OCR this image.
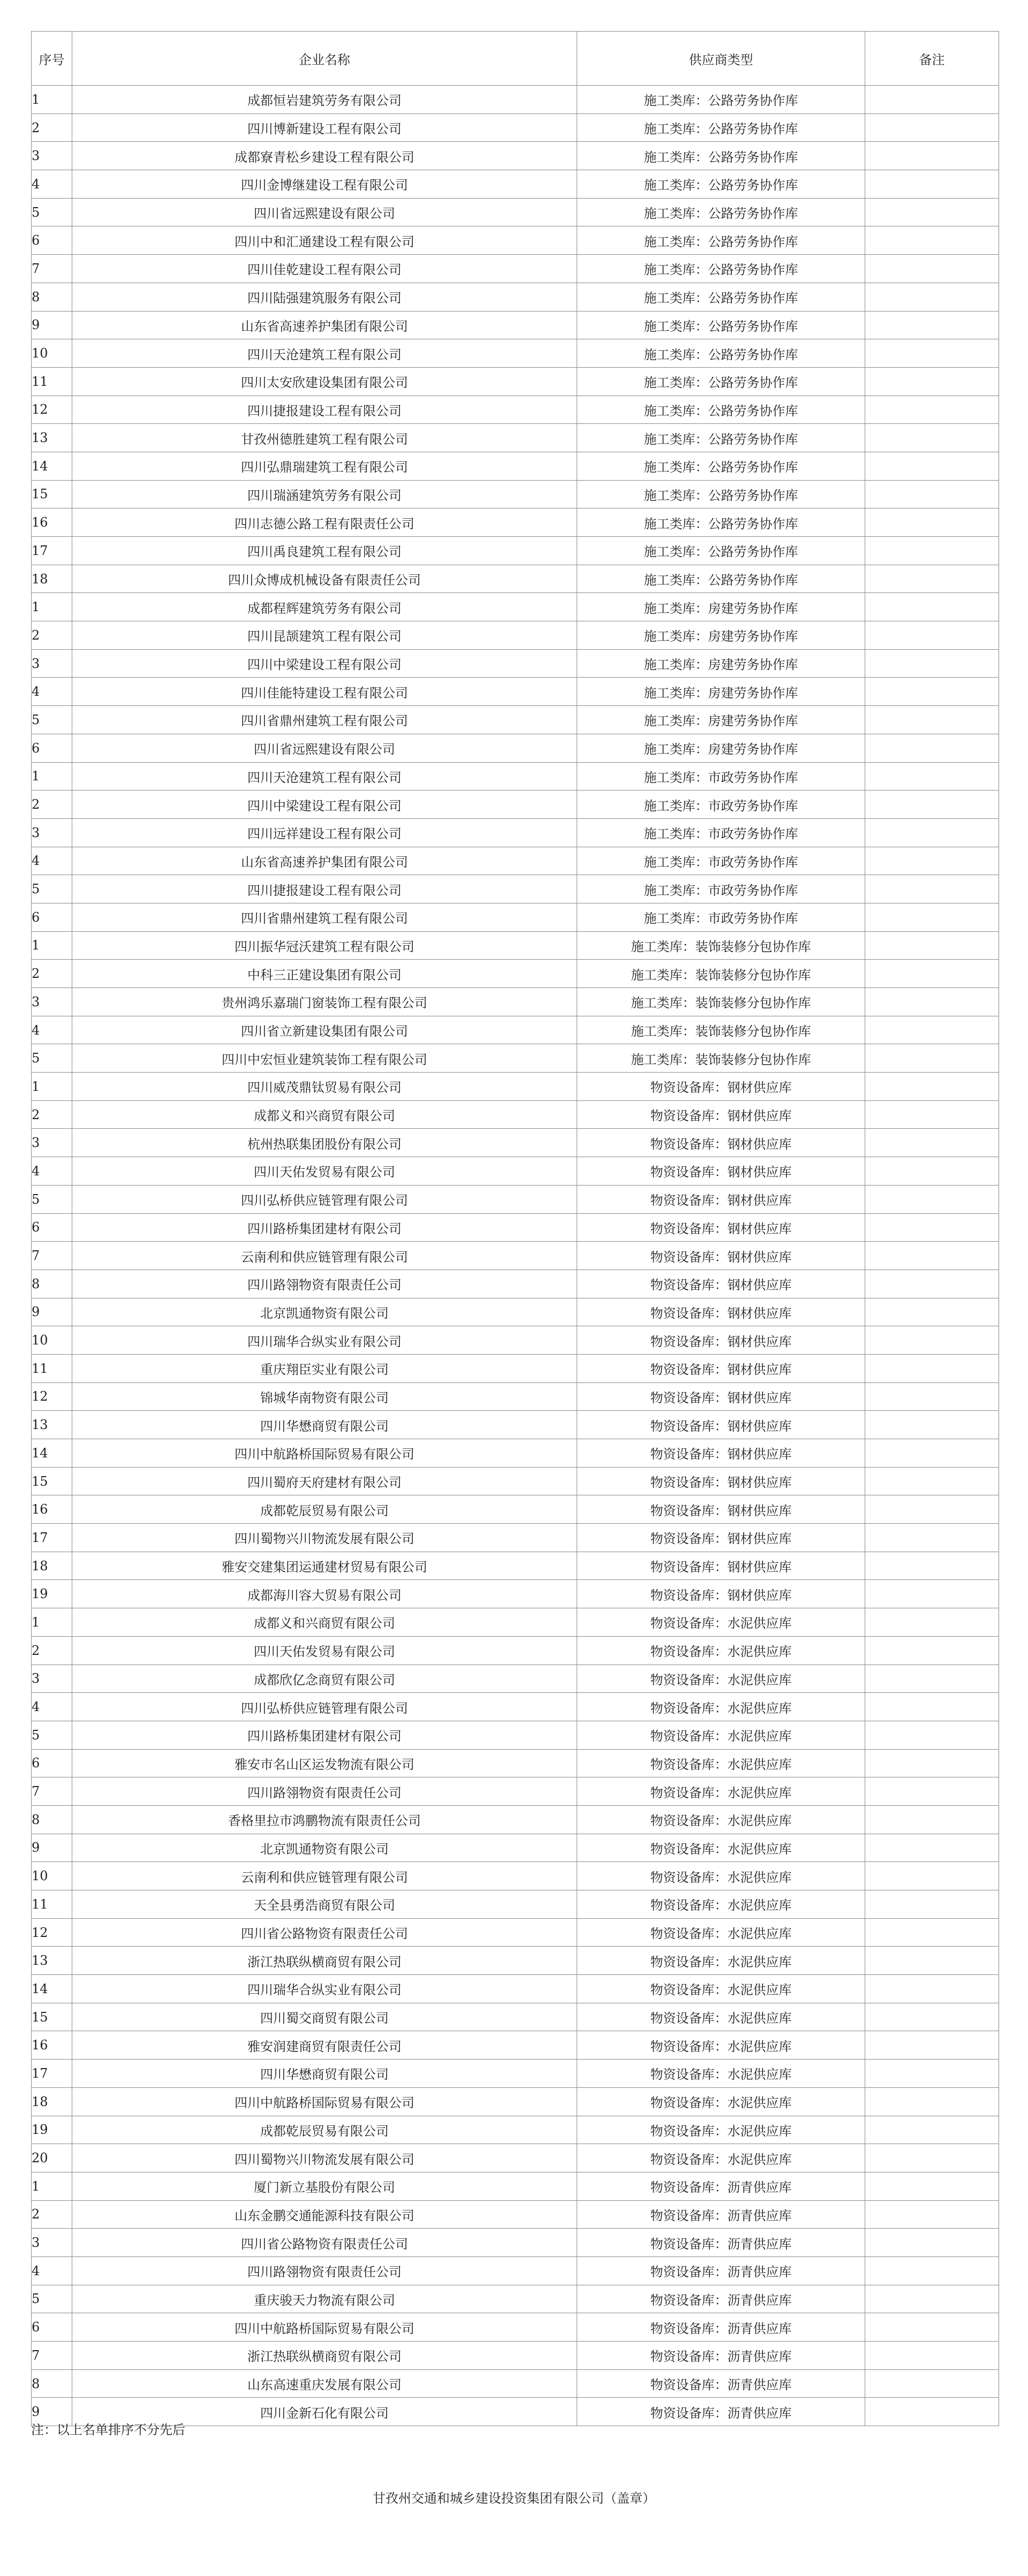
序号	企业名称	供应商类型	备注
1	成都恒岩建筑劳务有限公司	施工类库：公路劳务协作库	
2	四川博新建设工程有限公司	施工类库：公路劳务协作库	
3	成都寮青松乡建设工程有限公司	施工类库：公路劳务协作库	
4	四川金博继建设工程有限公司	施工类库：公路劳务协作库	
5	四川省远熙建设有限公司	施工类库：公路劳务协作库	
6	四川中和汇通建设工程有限公司	施工类库：公路劳务协作库	
7	四川佳乾建设工程有限公司	施工类库：公路劳务协作库	
8	四川陆强建筑服务有限公司	施工类库：公路劳务协作库	
9	山东省高速养护集团有限公司	施工类库：公路劳务协作库	
10	四川天沧建筑工程有限公司	施工类库：公路劳务协作库	
11	四川太安欣建设集团有限公司	施工类库：公路劳务协作库	
12	四川捷报建设工程有限公司	施工类库：公路劳务协作库	
13	甘孜州德胜建筑工程有限公司	施工类库：公路劳务协作库	
14	四川弘鼎瑞建筑工程有限公司	施工类库：公路劳务协作库	
15	四川瑞涵建筑劳务有限公司	施工类库：公路劳务协作库	
16	四川志德公路工程有限责任公司	施工类库：公路劳务协作库	
17	四川禹良建筑工程有限公司	施工类库：公路劳务协作库	
18	四川众博成机械设备有限责任公司	施工类库：公路劳务协作库	
1	成都程辉建筑劳务有限公司	施工类库：房建劳务协作库	
2	四川昆颉建筑工程有限公司	施工类库：房建劳务协作库	
3	四川中梁建设工程有限公司	施工类库：房建劳务协作库	
4	四川佳能特建设工程有限公司	施工类库：房建劳务协作库	
5	四川省鼎州建筑工程有限公司	施工类库：房建劳务协作库	
6	四川省远熙建设有限公司	施工类库：房建劳务协作库	
1	四川天沧建筑工程有限公司	施工类库：市政劳务协作库	
2	四川中梁建设工程有限公司	施工类库：市政劳务协作库	
3	四川远祥建设工程有限公司	施工类库：市政劳务协作库	
4	山东省高速养护集团有限公司	施工类库：市政劳务协作库	
5	四川捷报建设工程有限公司	施工类库：市政劳务协作库	
6	四川省鼎州建筑工程有限公司	施工类库：市政劳务协作库	
1	四川振华冠沃建筑工程有限公司	施工类库：装饰装修分包协作库	
2	中科三正建设集团有限公司	施工类库：装饰装修分包协作库	
3	贵州鸿乐嘉瑞门窗装饰工程有限公司	施工类库：装饰装修分包协作库	
4	四川省立新建设集团有限公司	施工类库：装饰装修分包协作库	
5	四川中宏恒业建筑装饰工程有限公司	施工类库：装饰装修分包协作库	
1	四川威茂鼎钛贸易有限公司	物资设备库：钢材供应库	
2	成都义和兴商贸有限公司	物资设备库：钢材供应库	
3	杭州热联集团股份有限公司	物资设备库：钢材供应库	
4	四川天佑发贸易有限公司	物资设备库：钢材供应库	
5	四川弘桥供应链管理有限公司	物资设备库：钢材供应库	
6	四川路桥集团建材有限公司	物资设备库：钢材供应库	
7	云南利和供应链管理有限公司	物资设备库：钢材供应库	
8	四川路翎物资有限责任公司	物资设备库：钢材供应库	
9	北京凯通物资有限公司	物资设备库：钢材供应库	
10	四川瑞华合纵实业有限公司	物资设备库：钢材供应库	
11	重庆翔臣实业有限公司	物资设备库：钢材供应库	
12	锦城华南物资有限公司	物资设备库：钢材供应库	
13	四川华懋商贸有限公司	物资设备库：钢材供应库	
14	四川中航路桥国际贸易有限公司	物资设备库：钢材供应库	
15	四川蜀府天府建材有限公司	物资设备库：钢材供应库	
16	成都乾辰贸易有限公司	物资设备库：钢材供应库	
17	四川蜀物兴川物流发展有限公司	物资设备库：钢材供应库	
18	雅安交建集团运通建材贸易有限公司	物资设备库：钢材供应库	
19	成都海川容大贸易有限公司	物资设备库：钢材供应库	
1	成都义和兴商贸有限公司	物资设备库：水泥供应库	
2	四川天佑发贸易有限公司	物资设备库：水泥供应库	
3	成都欣亿念商贸有限公司	物资设备库：水泥供应库	
4	四川弘桥供应链管理有限公司	物资设备库：水泥供应库	
5	四川路桥集团建材有限公司	物资设备库：水泥供应库	
6	雅安市名山区运发物流有限公司	物资设备库：水泥供应库	
7	四川路翎物资有限责任公司	物资设备库：水泥供应库	
8	香格里拉市鸿鹏物流有限责任公司	物资设备库：水泥供应库	
9	北京凯通物资有限公司	物资设备库：水泥供应库	
10	云南利和供应链管理有限公司	物资设备库：水泥供应库	
11	天全县勇浩商贸有限公司	物资设备库：水泥供应库	
12	四川省公路物资有限责任公司	物资设备库：水泥供应库	
13	浙江热联纵横商贸有限公司	物资设备库：水泥供应库	
14	四川瑞华合纵实业有限公司	物资设备库：水泥供应库	
15	四川蜀交商贸有限公司	物资设备库：水泥供应库	
16	雅安润建商贸有限责任公司	物资设备库：水泥供应库	
17	四川华懋商贸有限公司	物资设备库：水泥供应库	
18	四川中航路桥国际贸易有限公司	物资设备库：水泥供应库	
19	成都乾辰贸易有限公司	物资设备库：水泥供应库	
20	四川蜀物兴川物流发展有限公司	物资设备库：水泥供应库	
1	厦门新立基股份有限公司	物资设备库：沥青供应库	
2	山东金鹏交通能源科技有限公司	物资设备库：沥青供应库	
3	四川省公路物资有限责任公司	物资设备库：沥青供应库	
4	四川路翎物资有限责任公司	物资设备库：沥青供应库	
5	重庆骏天力物流有限公司	物资设备库：沥青供应库	
6	四川中航路桥国际贸易有限公司	物资设备库：沥青供应库	
7	浙江热联纵横商贸有限公司	物资设备库：沥青供应库	
8	山东高速重庆发展有限公司	物资设备库：沥青供应库	
9	四川金新石化有限公司	物资设备库：沥青供应库	
注：以上名单排序不分先后
甘孜州交通和城乡建设投资集团有限公司（盖章）
